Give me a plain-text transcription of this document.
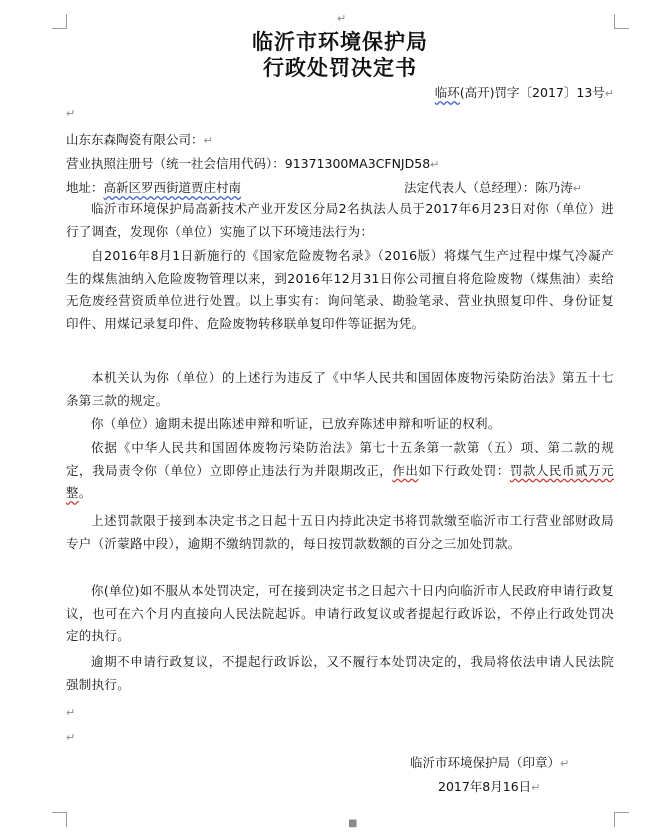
↵
临沂市环境保护局
行政处罚决定书
临环(高开)罚字〔2017〕13号↵
↵
山东东森陶瓷有限公司：↵
营业执照注册号（统一社会信用代码）：91371300MA3CFNJD58↵
地址：高新区罗西街道贾庄村南	法定代表人（总经理）：陈乃涛↵
临沂市环境保护局高新技术产业开发区分局2名执法人员于2017年6月23日对你（单位）进行了调查，发现你（单位）实施了以下环境违法行为：
自2016年8月1日新施行的《国家危险废物名录》（2016版）将煤气生产过程中煤气冷凝产生的煤焦油纳入危险废物管理以来，到2016年12月31日你公司擅自将危险废物（煤焦油）卖给无危废经营资质单位进行处置。以上事实有：询问笔录、勘验笔录、营业执照复印件、身份证复印件、用煤记录复印件、危险废物转移联单复印件等证据为凭。
本机关认为你（单位）的上述行为违反了《中华人民共和国固体废物污染防治法》第五十七条第三款的规定。
你（单位）逾期未提出陈述申辩和听证，已放弃陈述申辩和听证的权利。
依据《中华人民共和国固体废物污染防治法》第七十五条第一款第（五）项、第二款的规定，我局责令你（单位）立即停止违法行为并限期改正，作出如下行政处罚：罚款人民币贰万元整。
上述罚款限于接到本决定书之日起十五日内持此决定书将罚款缴至临沂市工行营业部财政局专户（沂蒙路中段），逾期不缴纳罚款的，每日按罚款数额的百分之三加处罚款。
你(单位)如不服从本处罚决定，可在接到决定书之日起六十日内向临沂市人民政府申请行政复议，也可在六个月内直接向人民法院起诉。申请行政复议或者提起行政诉讼，不停止行政处罚决定的执行。
逾期不申请行政复议，不提起行政诉讼，又不履行本处罚决定的，我局将依法申请人民法院强制执行。
↵
↵
临沂市环境保护局（印章）↵
2017年8月16日↵
■
